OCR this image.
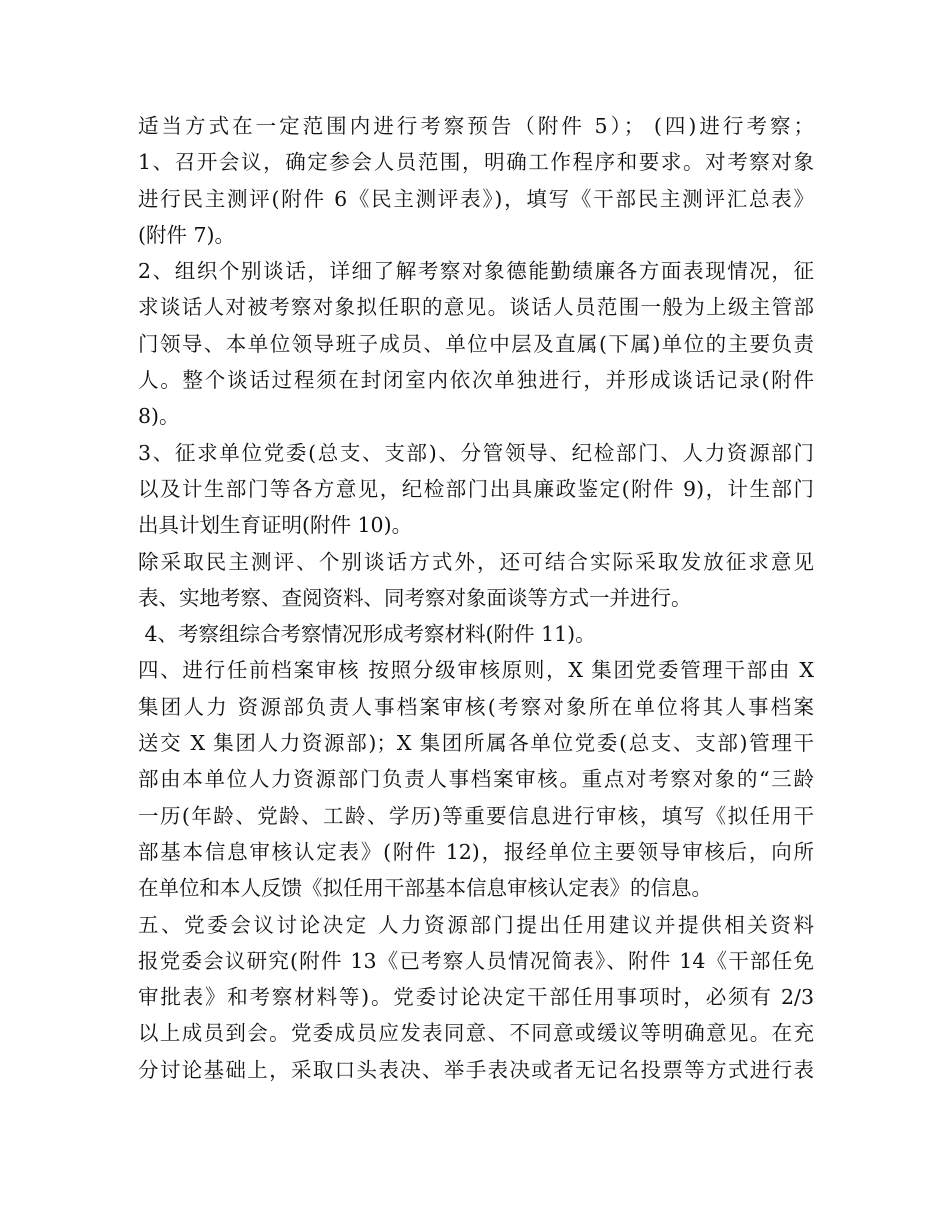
适当方式在一定范围内进行考察预告（附件 5）； (四)进行考察；
1、召开会议，确定参会人员范围，明确工作程序和要求。对考察对象
进行民主测评(附件 6《民主测评表》)，填写《干部民主测评汇总表》
(附件 7)。
2、组织个别谈话，详细了解考察对象德能勤绩廉各方面表现情况，征
求谈话人对被考察对象拟任职的意见。谈话人员范围一般为上级主管部
门领导、本单位领导班子成员、单位中层及直属(下属)单位的主要负责
人。整个谈话过程须在封闭室内依次单独进行，并形成谈话记录(附件
8)。
3、征求单位党委(总支、支部)、分管领导、纪检部门、人力资源部门
以及计生部门等各方意见，纪检部门出具廉政鉴定(附件 9)，计生部门
出具计划生育证明(附件 10)。
除采取民主测评、个别谈话方式外，还可结合实际采取发放征求意见
表、实地考察、查阅资料、同考察对象面谈等方式一并进行。
4、考察组综合考察情况形成考察材料(附件 11)。
四、进行任前档案审核 按照分级审核原则，X 集团党委管理干部由 X
集团人力 资源部负责人事档案审核(考察对象所在单位将其人事档案
送交 X 集团人力资源部)；X 集团所属各单位党委(总支、支部)管理干
部由本单位人力资源部门负责人事档案审核。重点对考察对象的“三龄
一历(年龄、党龄、工龄、学历)等重要信息进行审核，填写《拟任用干
部基本信息审核认定表》(附件 12)，报经单位主要领导审核后，向所
在单位和本人反馈《拟任用干部基本信息审核认定表》的信息。
五、党委会议讨论决定 人力资源部门提出任用建议并提供相关资料
报党委会议研究(附件 13《已考察人员情况简表》、附件 14《干部任免
审批表》和考察材料等)。党委讨论决定干部任用事项时，必须有 2/3
以上成员到会。党委成员应发表同意、不同意或缓议等明确意见。在充
分讨论基础上，采取口头表决、举手表决或者无记名投票等方式进行表
